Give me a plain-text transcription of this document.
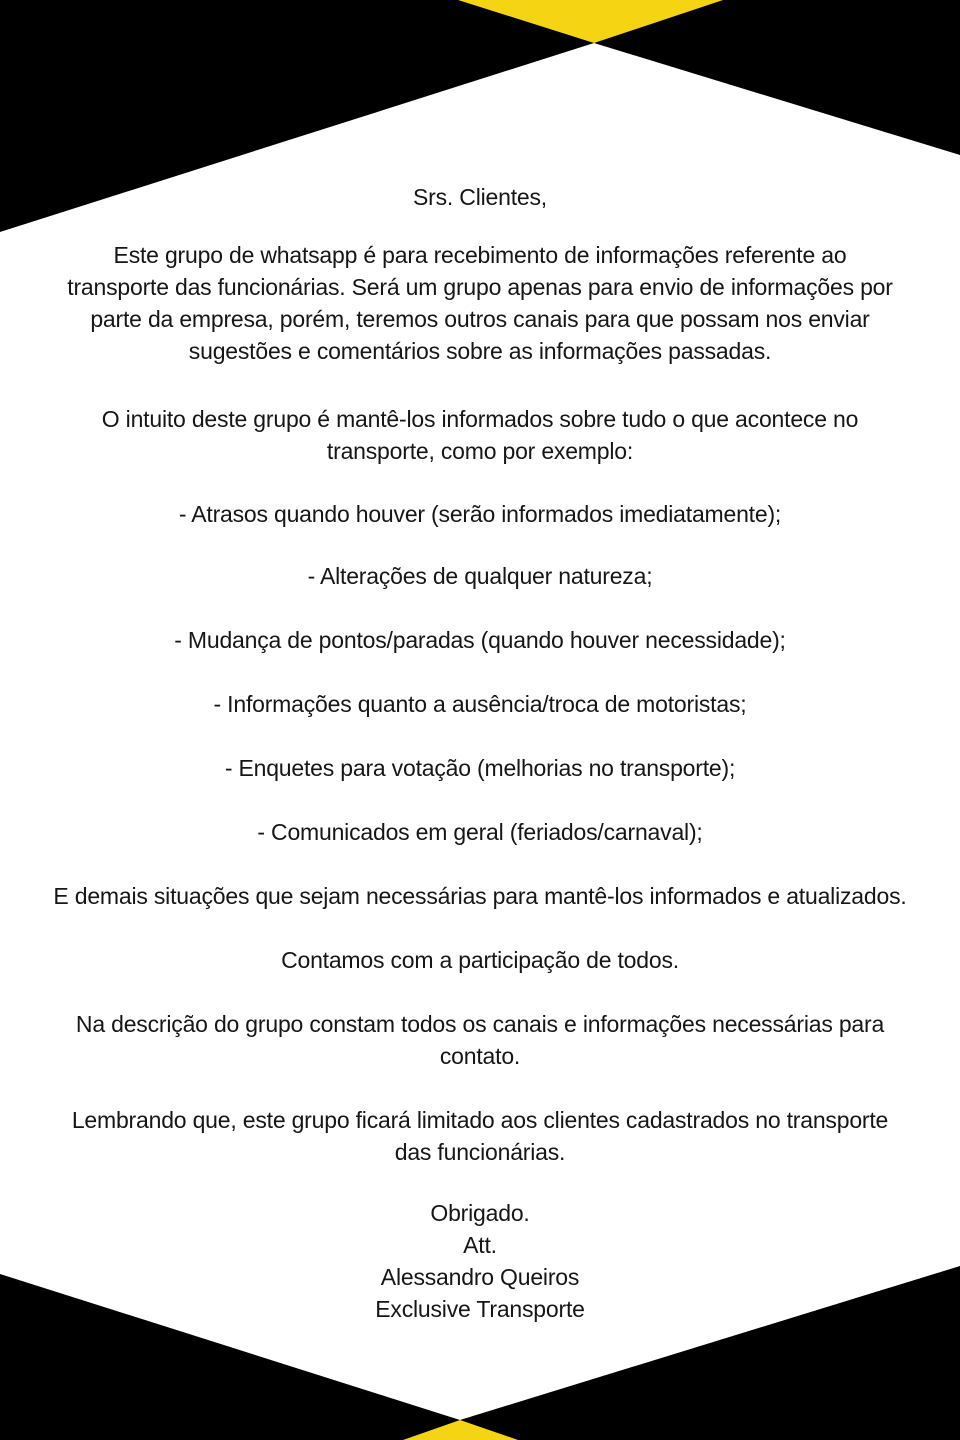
Srs. Clientes,
Este grupo de whatsapp é para recebimento de informações referente ao
transporte das funcionárias. Será um grupo apenas para envio de informações por
parte da empresa, porém, teremos outros canais para que possam nos enviar
sugestões e comentários sobre as informações passadas.
O intuito deste grupo é mantê-los informados sobre tudo o que acontece no
transporte, como por exemplo:
- Atrasos quando houver (serão informados imediatamente);
- Alterações de qualquer natureza;
- Mudança de pontos/paradas (quando houver necessidade);
- Informações quanto a ausência/troca de motoristas;
- Enquetes para votação (melhorias no transporte);
- Comunicados em geral (feriados/carnaval);
E demais situações que sejam necessárias para mantê-los informados e atualizados.
Contamos com a participação de todos.
Na descrição do grupo constam todos os canais e informações necessárias para
contato.
Lembrando que, este grupo ficará limitado aos clientes cadastrados no transporte
das funcionárias.
Obrigado.
Att.
Alessandro Queiros
Exclusive Transporte
